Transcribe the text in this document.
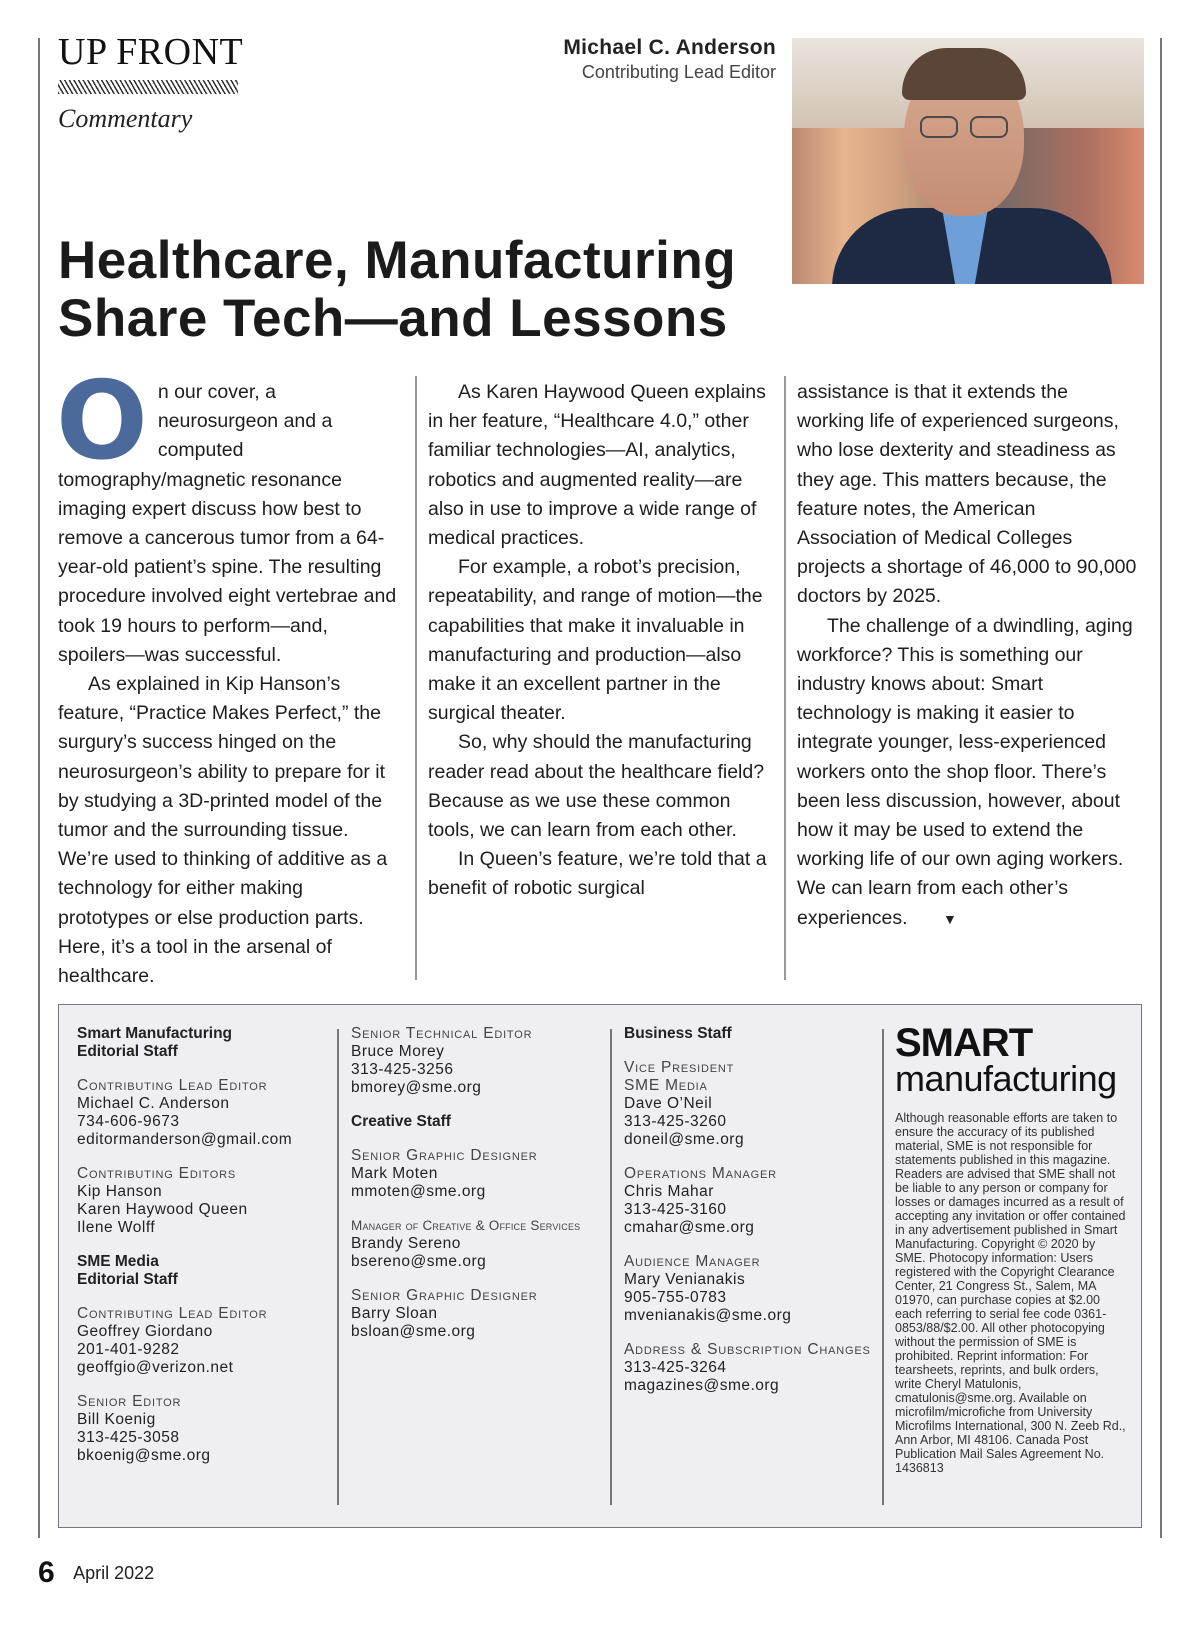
UP FRONT
Commentary
Michael C. Anderson
Contributing Lead Editor
Healthcare, Manufacturing
Share Tech—and Lessons

On our cover, a neurosurgeon and a computed tomography/magnetic resonance imaging expert discuss how best to remove a cancerous tumor from a 64-year-old patient’s spine. The resulting procedure involved eight vertebrae and took 19 hours to perform—and, spoilers—was successful.

As explained in Kip Hanson’s feature, “Practice Makes Perfect,” the surgury’s success hinged on the neurosurgeon’s ability to prepare for it by studying a 3D-printed model of the tumor and the surrounding tissue. We’re used to thinking of additive as a technology for either making prototypes or else production parts. Here, it’s a tool in the arsenal of healthcare.

As Karen Haywood Queen explains in her feature, “Healthcare 4.0,” other familiar technologies—AI, analytics, robotics and augmented reality—are also in use to improve a wide range of medical practices.

For example, a robot’s precision, repeatability, and range of motion—the capabilities that make it invaluable in manufacturing and production—also make it an excellent partner in the surgical theater.

So, why should the manufacturing reader read about the healthcare field? Because as we use these common tools, we can learn from each other.

In Queen’s feature, we’re told that a benefit of robotic surgical

assistance is that it extends the working life of experienced surgeons, who lose dexterity and steadiness as they age. This matters because, the feature notes, the American Association of Medical Colleges projects a shortage of 46,000 to 90,000 doctors by 2025.

The challenge of a dwindling, aging workforce? This is something our industry knows about: Smart technology is making it easier to integrate younger, less-experienced workers onto the shop floor. There’s been less discussion, however, about how it may be used to extend the working life of our own aging workers. We can learn from each other’s experiences.	▼

Smart Manufacturing
Editorial Staff
Contributing Lead Editor
Michael C. Anderson
734-606-9673
editormanderson@gmail.com
Contributing Editors
Kip Hanson
Karen Haywood Queen
Ilene Wolff
SME Media
Editorial Staff
Contributing Lead Editor
Geoffrey Giordano
201-401-9282
geoffgio@verizon.net
Senior Editor
Bill Koenig
313-425-3058
bkoenig@sme.org
Senior Technical Editor
Bruce Morey
313-425-3256
bmorey@sme.org
Creative Staff
Senior Graphic Designer
Mark Moten
mmoten@sme.org
Manager of Creative & Office Services
Brandy Sereno
bsereno@sme.org
Senior Graphic Designer
Barry Sloan
bsloan@sme.org
Business Staff
Vice President SME Media
Dave O’Neil
313-425-3260
doneil@sme.org
Operations Manager
Chris Mahar
313-425-3160
cmahar@sme.org
Audience Manager
Mary Venianakis
905-755-0783
mvenianakis@sme.org
Address & Subscription Changes
313-425-3264
magazines@sme.org
SMART
manufacturing
Although reasonable efforts are taken to ensure the accuracy of its published material, SME is not responsible for statements published in this magazine. Readers are advised that SME shall not be liable to any person or company for losses or damages incurred as a result of accepting any invitation or offer contained in any advertisement published in Smart Manufacturing. Copyright © 2020 by SME. Photocopy information: Users registered with the Copyright Clearance Center, 21 Congress St., Salem, MA 01970, can purchase copies at $2.00 each referring to serial fee code 0361-0853/88/$2.00. All other photocopying without the permission of SME is prohibited. Reprint information: For tearsheets, reprints, and bulk orders, write Cheryl Matulonis, cmatulonis@sme.org. Available on microfilm/microfiche from University Microfilms International, 300 N. Zeeb Rd., Ann Arbor, MI 48106. Canada Post Publication Mail Sales Agreement No. 1436813
6 April 2022
